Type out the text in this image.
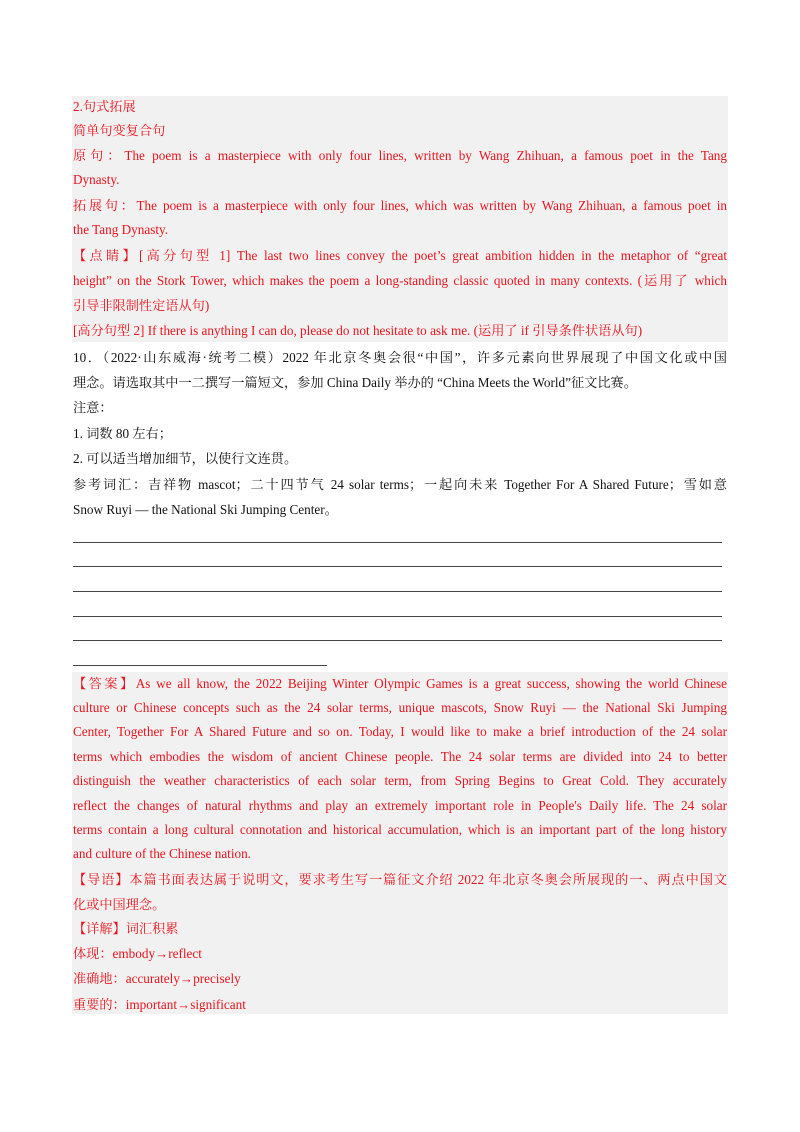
2.句式拓展
简单句变复合句
原句：The poem is a masterpiece with only four lines, written by Wang Zhihuan, a famous poet in the Tang
Dynasty.
拓展句：The poem is a masterpiece with only four lines, which was written by Wang Zhihuan, a famous poet in
the Tang Dynasty.
【点睛】[高分句型 1] The last two lines convey the poet’s great ambition hidden in the metaphor of “great
height” on the Stork Tower, which makes the poem a long-standing classic quoted in many contexts. (运用了 which
引导非限制性定语从句)
[高分句型 2] If there is anything I can do, please do not hesitate to ask me. (运用了 if 引导条件状语从句)
10．（2022·山东威海·统考二模）2022 年北京冬奥会很“中国”，许多元素向世界展现了中国文化或中国
理念。请选取其中一二撰写一篇短文，参加 China Daily 举办的 “China Meets the World”征文比赛。
注意：
1. 词数 80 左右；
2. 可以适当增加细节，以使行文连贯。
参考词汇：吉祥物 mascot；二十四节气 24 solar terms；一起向未来 Together For A Shared Future；雪如意
Snow Ruyi — the National Ski Jumping Center。
【答案】As we all know, the 2022 Beijing Winter Olympic Games is a great success, showing the world Chinese
culture or Chinese concepts such as the 24 solar terms, unique mascots, Snow Ruyi — the National Ski Jumping
Center, Together For A Shared Future and so on. Today, I would like to make a brief introduction of the 24 solar
terms which embodies the wisdom of ancient Chinese people. The 24 solar terms are divided into 24 to better
distinguish the weather characteristics of each solar term, from Spring Begins to Great Cold. They accurately
reflect the changes of natural rhythms and play an extremely important role in People's Daily life. The 24 solar
terms contain a long cultural connotation and historical accumulation, which is an important part of the long history
and culture of the Chinese nation.
【导语】本篇书面表达属于说明文，要求考生写一篇征文介绍 2022 年北京冬奥会所展现的一、两点中国文
化或中国理念。
【详解】词汇积累
体现：embody→reflect
准确地：accurately→precisely
重要的：important→significant
